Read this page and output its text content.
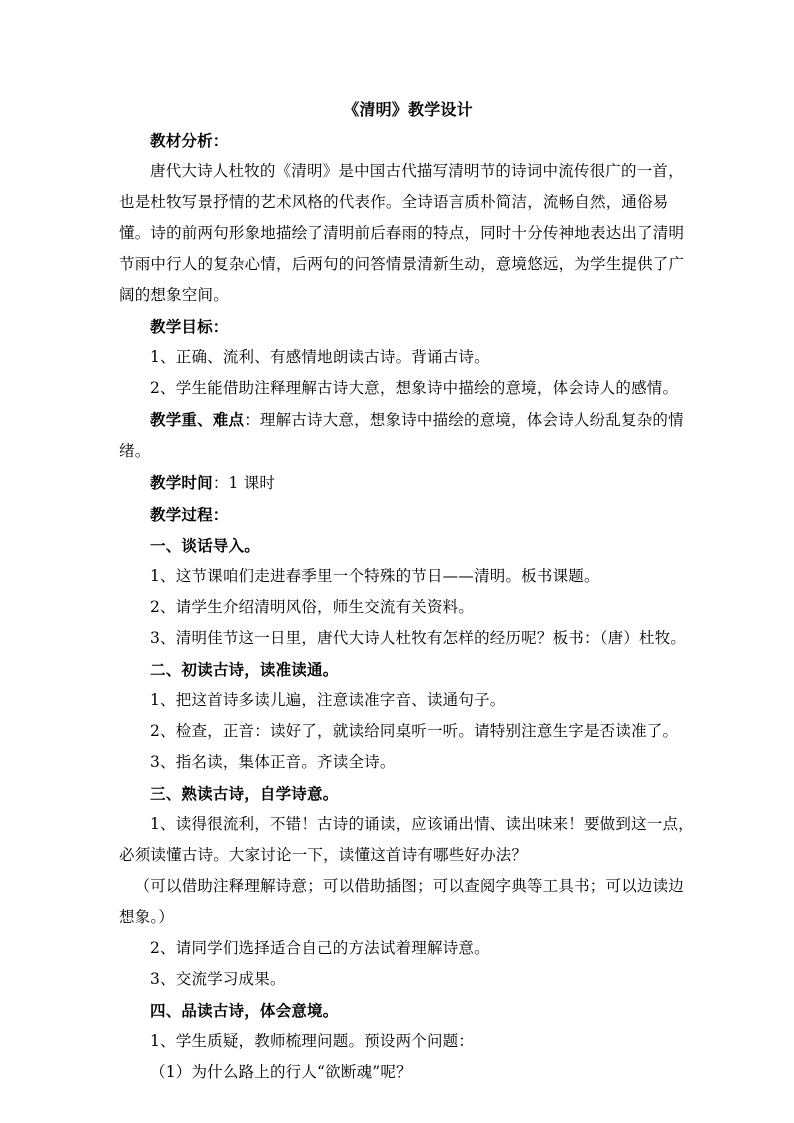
《清明》教学设计

教材分析：

唐代大诗人杜牧的《清明》是中国古代描写清明节的诗词中流传很广的一首，也是杜牧写景抒情的艺术风格的代表作。全诗语言质朴简洁，流畅自然，通俗易懂。诗的前两句形象地描绘了清明前后春雨的特点，同时十分传神地表达出了清明节雨中行人的复杂心情，后两句的问答情景清新生动，意境悠远，为学生提供了广阔的想象空间。

教学目标：

1、正确、流利、有感情地朗读古诗。背诵古诗。

2、学生能借助注释理解古诗大意，想象诗中描绘的意境，体会诗人的感情。

教学重、难点：理解古诗大意，想象诗中描绘的意境，体会诗人纷乱复杂的情绪。

教学时间：1 课时

教学过程：

一、谈话导入。

1、这节课咱们走进春季里一个特殊的节日——清明。板书课题。

2、请学生介绍清明风俗，师生交流有关资料。

3、清明佳节这一日里，唐代大诗人杜牧有怎样的经历呢？板书：（唐）杜牧。

二、初读古诗，读准读通。

1、把这首诗多读儿遍，注意读准字音、读通句子。

2、检查，正音：读好了，就读给同桌听一听。请特别注意生字是否读准了。

3、指名读，集体正音。齐读全诗。

三、熟读古诗，自学诗意。

1、读得很流利，不错！古诗的诵读，应该诵出情、读出味来！要做到这一点，必须读懂古诗。大家讨论一下，读懂这首诗有哪些好办法？

（可以借助注释理解诗意；可以借助插图；可以查阅字典等工具书；可以边读边想象。）

2、请同学们选择适合自己的方法试着理解诗意。

3、交流学习成果。

四、品读古诗，体会意境。

1、学生质疑，教师梳理问题。预设两个问题：

（1）为什么路上的行人“欲断魂”呢？
